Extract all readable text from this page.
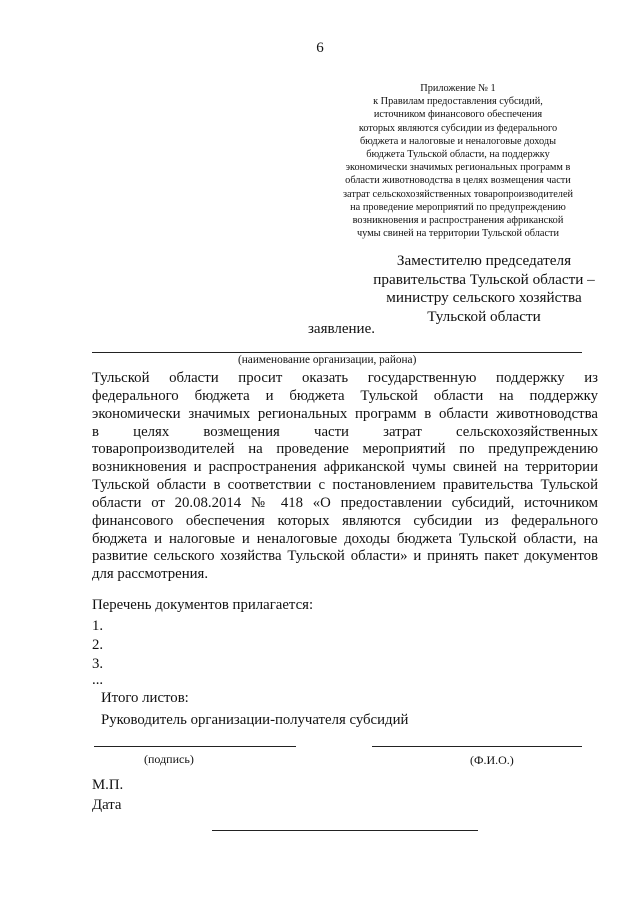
6
Приложение № 1
к Правилам предоставления субсидий,
источником финансового обеспечения
которых являются субсидии из федерального
бюджета и налоговые и неналоговые доходы
бюджета Тульской области, на поддержку
экономически значимых региональных программ в
области животноводства в целях возмещения части
затрат сельскохозяйственных товаропроизводителей
на проведение мероприятий по предупреждению
возникновения и распространения африканской
чумы свиней на территории Тульской области
Заместителю председателя
правительства Тульской области –
министру сельского хозяйства
Тульской области
заявление.
(наименование организации, района)
Тульской области просит оказать государственную поддержку из
федерального бюджета и бюджета Тульской области на поддержку
экономически значимых региональных программ в области животноводства
в целях возмещения части затрат сельскохозяйственных
товаропроизводителей на проведение мероприятий по предупреждению
возникновения и распространения африканской чумы свиней на территории
Тульской области в соответствии с постановлением правительства Тульской
области от 20.08.2014 № 418 «О предоставлении субсидий, источником
финансового обеспечения которых являются субсидии из федерального
бюджета и налоговые и неналоговые доходы бюджета Тульской области, на
развитие сельского хозяйства Тульской области» и принять пакет документов
для рассмотрения.
Перечень документов прилагается:
1.
2.
3.
...
Итого листов:
Руководитель организации-получателя субсидий
(подпись)	(Ф.И.О.)
М.П.
Дата
